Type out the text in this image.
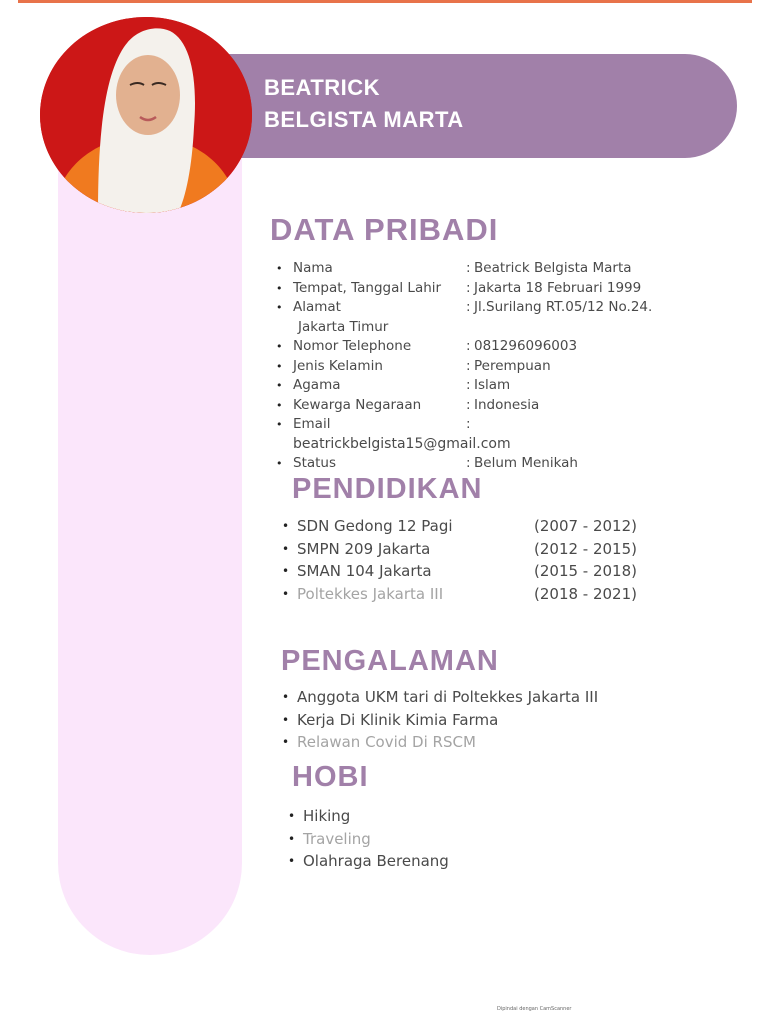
BEATRICK
BELGISTA MARTA
DATA PRIBADI
• Nama	: Beatrick Belgista Marta
• Tempat, Tanggal Lahir : Jakarta 18 Februari 1999
• Alamat	: Jl.Surilang RT.05/12 No.24.
Jakarta Timur
• Nomor Telephone	: 081296096003
• Jenis Kelamin	: Perempuan
• Agama	: Islam
• Kewarga Negaraan	: Indonesia
• Email	:
beatrickbelgista15@gmail.com
• Status	: Belum Menikah
PENDIDIKAN
• SDN Gedong 12 Pagi	(2007 - 2012)
• SMPN 209 Jakarta	(2012 - 2015)
• SMAN 104 Jakarta	(2015 - 2018)
• Poltekkes Jakarta III	(2018 - 2021)
PENGALAMAN
• Anggota UKM tari di Poltekkes Jakarta III
• Kerja Di Klinik Kimia Farma
• Relawan Covid Di RSCM
HOBI
• Hiking
• Traveling
• Olahraga Berenang
Dipindai dengan CamScanner
